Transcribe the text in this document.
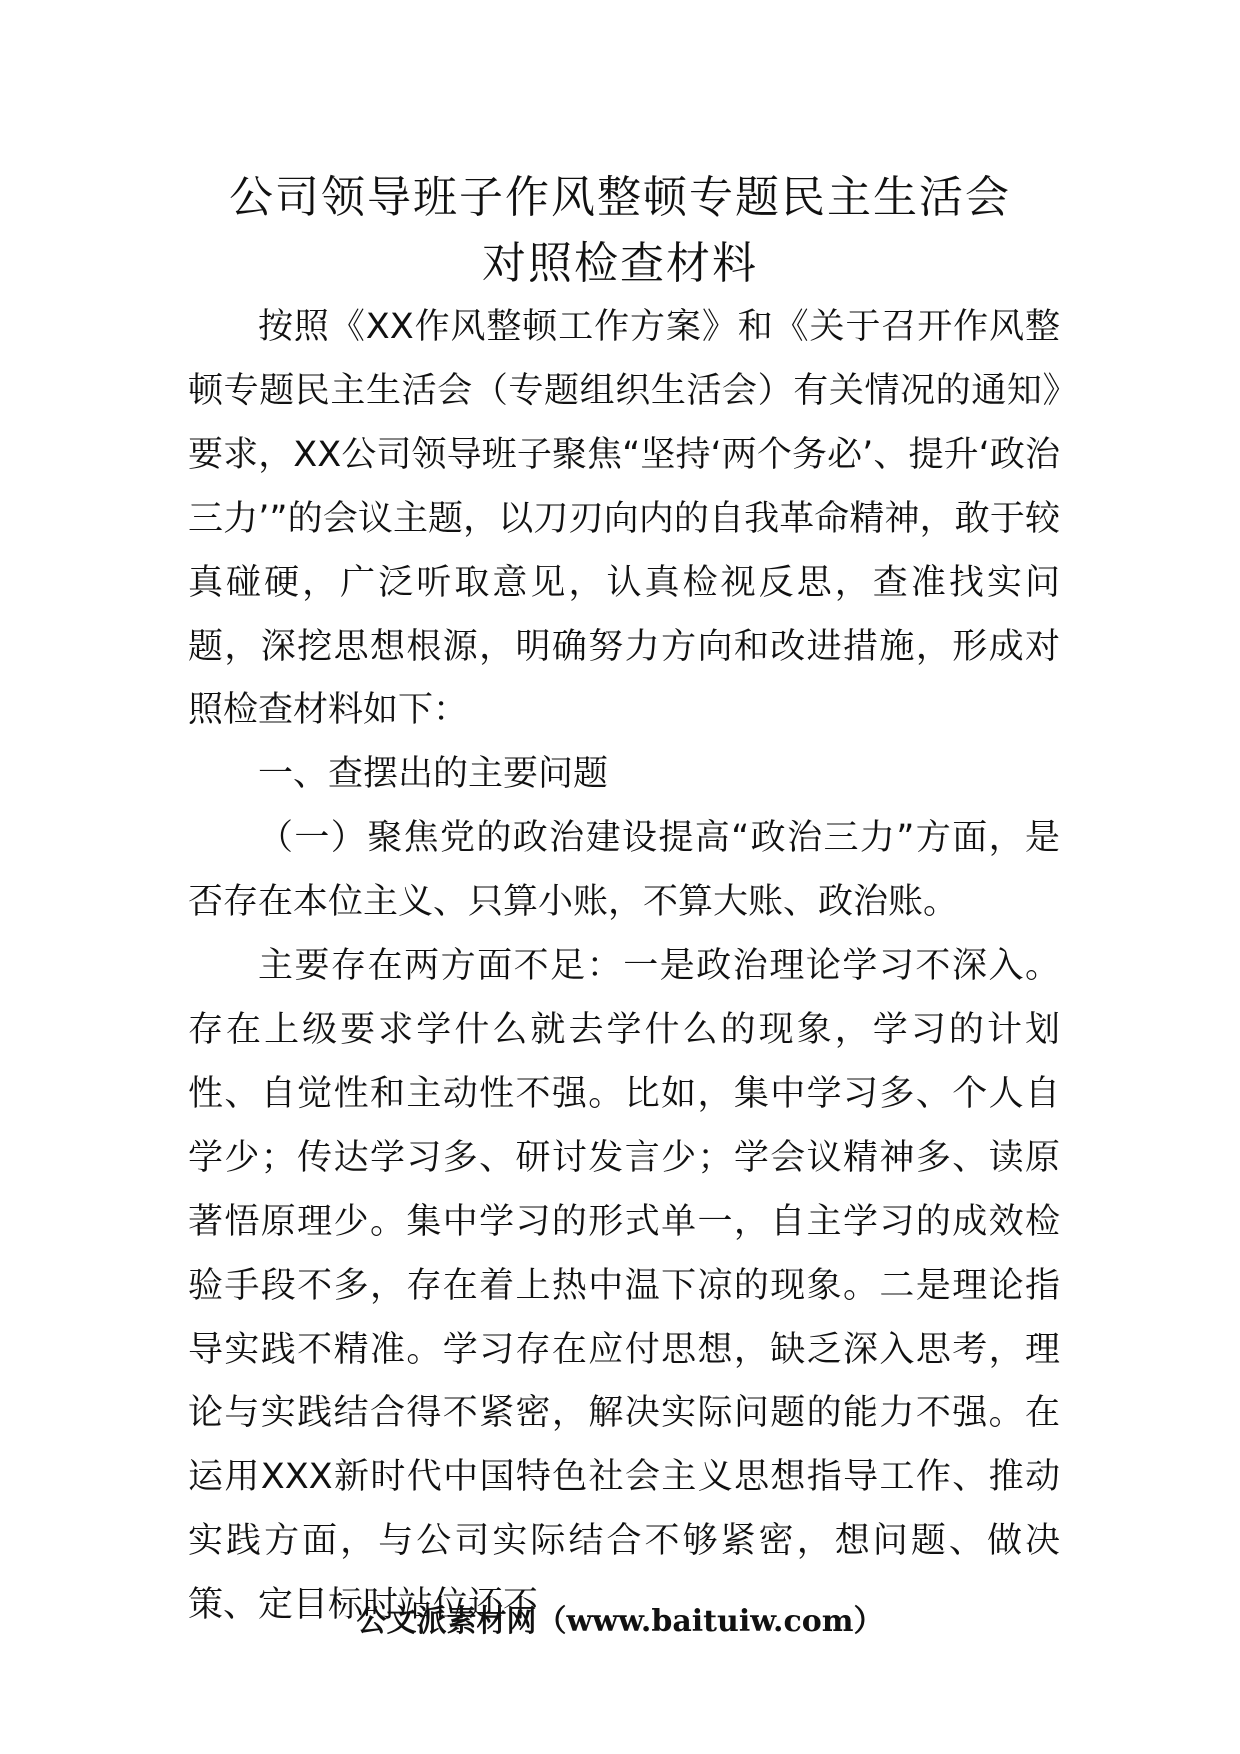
公司领导班子作风整顿专题民主生活会
对照检查材料

按照《XX作风整顿工作方案》和《关于召开作风整顿专题民主生活会（专题组织生活会）有关情况的通知》要求，XX公司领导班子聚焦“坚持‘两个务必’、提升‘政治三力’”的会议主题，以刀刃向内的自我革命精神，敢于较真碰硬，广泛听取意见，认真检视反思，查准找实问题，深挖思想根源，明确努力方向和改进措施，形成对照检查材料如下：

一、查摆出的主要问题

（一）聚焦党的政治建设提高“政治三力”方面，是否存在本位主义、只算小账，不算大账、政治账。

主要存在两方面不足：一是政治理论学习不深入。存在上级要求学什么就去学什么的现象，学习的计划性、自觉性和主动性不强。比如，集中学习多、个人自学少；传达学习多、研讨发言少；学会议精神多、读原著悟原理少。集中学习的形式单一，自主学习的成效检验手段不多，存在着上热中温下凉的现象。二是理论指导实践不精准。学习存在应付思想，缺乏深入思考，理论与实践结合得不紧密，解决实际问题的能力不强。在运用XXX新时代中国特色社会主义思想指导工作、推动实践方面，与公司实际结合不够紧密，想问题、做决策、定目标时站位还不

公文派素材网（www.baituiw.com）
